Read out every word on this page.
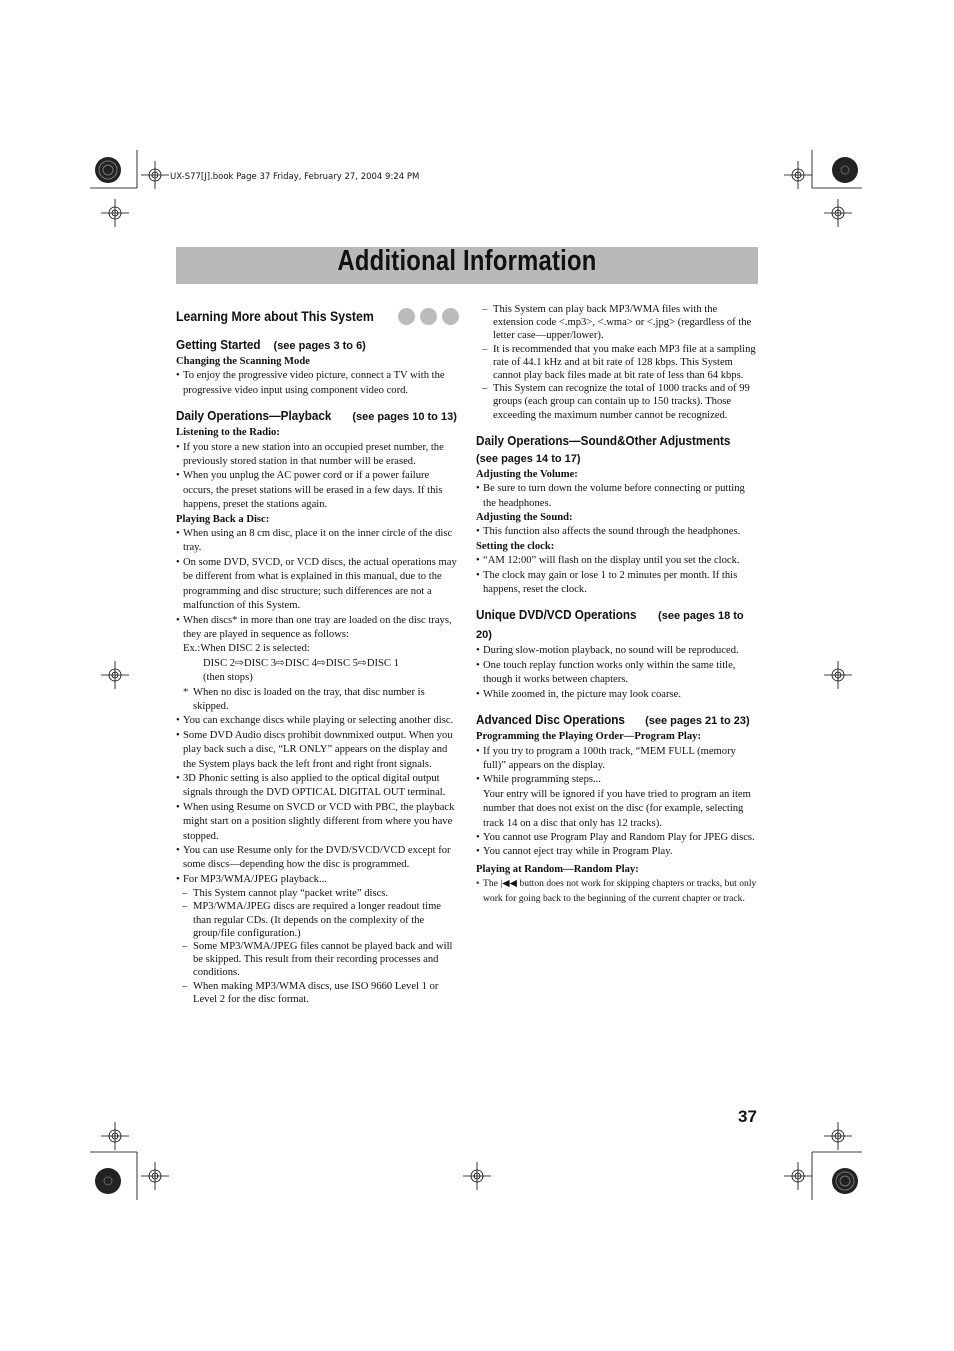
UX-S77[J].book Page 37 Friday, February 27, 2004 9:24 PM
Additional Information
Learning More about This System
Getting Started (see pages 3 to 6)
Changing the Scanning Mode
• To enjoy the progressive video picture, connect a TV with the progressive video input using component video cord.
Daily Operations—Playback (see pages 10 to 13)
Listening to the Radio:
• If you store a new station into an occupied preset number, the previously stored station in that number will be erased.
• When you unplug the AC power cord or if a power failure occurs, the preset stations will be erased in a few days. If this happens, preset the stations again.
Playing Back a Disc:
• When using an 8 cm disc, place it on the inner circle of the disc tray.
• On some DVD, SVCD, or VCD discs, the actual operations may be different from what is explained in this manual, due to the programming and disc structure; such differences are not a malfunction of this System.
• When discs* in more than one tray are loaded on the disc trays, they are played in sequence as follows:
Ex.:When DISC 2 is selected:
DISC 2⇨DISC 3⇨DISC 4⇨DISC 5⇨DISC 1
(then stops)
* When no disc is loaded on the tray, that disc number is skipped.
• You can exchange discs while playing or selecting another disc.
• Some DVD Audio discs prohibit downmixed output. When you play back such a disc, “LR ONLY” appears on the display and the System plays back the left front and right front signals.
• 3D Phonic setting is also applied to the optical digital output signals through the DVD OPTICAL DIGITAL OUT terminal.
• When using Resume on SVCD or VCD with PBC, the playback might start on a position slightly different from where you have stopped.
• You can use Resume only for the DVD/SVCD/VCD except for some discs—depending how the disc is programmed.
• For MP3/WMA/JPEG playback...
– This System cannot play “packet write” discs.
– MP3/WMA/JPEG discs are required a longer readout time than regular CDs. (It depends on the complexity of the group/file configuration.)
– Some MP3/WMA/JPEG files cannot be played back and will be skipped. This result from their recording processes and conditions.
– When making MP3/WMA discs, use ISO 9660 Level 1 or Level 2 for the disc format.
– This System can play back MP3/WMA files with the extension code <.mp3>, <.wma> or <.jpg> (regardless of the letter case—upper/lower).
– It is recommended that you make each MP3 file at a sampling rate of 44.1 kHz and at bit rate of 128 kbps. This System cannot play back files made at bit rate of less than 64 kbps.
– This System can recognize the total of 1000 tracks and of 99 groups (each group can contain up to 150 tracks). Those exceeding the maximum number cannot be recognized.
Daily Operations—Sound&Other Adjustments
(see pages 14 to 17)
Adjusting the Volume:
• Be sure to turn down the volume before connecting or putting the headphones.
Adjusting the Sound:
• This function also affects the sound through the headphones.
Setting the clock:
• “AM 12:00” will flash on the display until you set the clock.
• The clock may gain or lose 1 to 2 minutes per month. If this happens, reset the clock.
Unique DVD/VCD Operations (see pages 18 to 20)
• During slow-motion playback, no sound will be reproduced.
• One touch replay function works only within the same title, though it works between chapters.
• While zoomed in, the picture may look coarse.
Advanced Disc Operations (see pages 21 to 23)
Programming the Playing Order—Program Play:
• If you try to program a 100th track, “MEM FULL (memory full)” appears on the display.
• While programming steps...
Your entry will be ignored if you have tried to program an item number that does not exist on the disc (for example, selecting track 14 on a disc that only has 12 tracks).
• You cannot use Program Play and Random Play for JPEG discs.
• You cannot eject tray while in Program Play.
Playing at Random—Random Play:
• The |◀◀ button does not work for skipping chapters or tracks, but only work for going back to the beginning of the current chapter or track.
37
